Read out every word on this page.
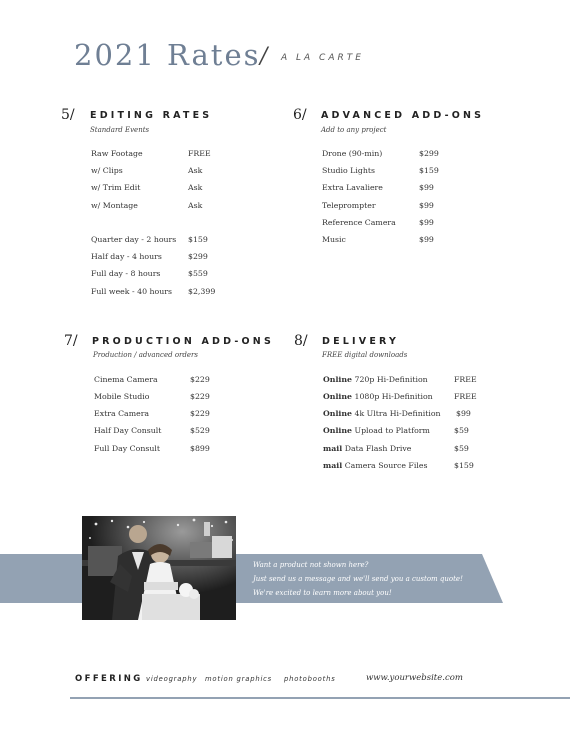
2021 Rates / A LA CARTE
5/ EDITING RATES
Standard Events
Raw Footage	FREE
w/ Clips	Ask
w/ Trim Edit	Ask
w/ Montage	Ask
Quarter day - 2 hours $159
Half day - 4 hours	$299
Full day - 8 hours	$559
Full week - 40 hours $2,399
6/ ADVANCED ADD-ONS
Add to any project
Drone (90-min)	$299
Studio Lights	$159
Extra Lavaliere	$99
Teleprompter	$99
Reference Camera	$99
Music	$99
7/ PRODUCTION ADD-ONS
Production / advanced orders
Cinema Camera	$229
Mobile Studio	$229
Extra Camera	$229
Half Day Consult	$529
Full Day Consult	$899
8/ DELIVERY
FREE digital downloads
Online 720p Hi-Definition	FREE
Online 1080p Hi-Definition	FREE
Online 4k Ultra Hi-Definition $99
Online Upload to Platform	$59
mail Data Flash Drive	$59
mail Camera Source Files	$159
Want a product not shown here?
Just send us a message and we'll send you a custom quote!
We're excited to learn more about you!
OFFERING videography motion graphics photobooths	www.yourwebsite.com
